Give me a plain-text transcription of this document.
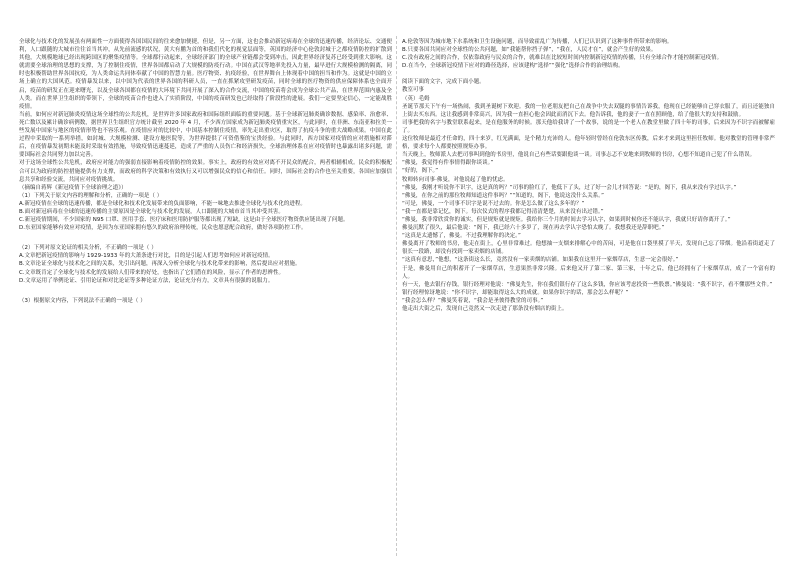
全球化与技术化的发展虽有两面性一方面使得各国国民间的往来愈加便捷，但是，另一方面，这也会推动新冠病毒在全球的迅速传播，经济论坛、交通便利，人口跟随的大城市往往首当其冲，从先前流感的状况，黄大有鹏为首的和我们代化的视觉层面等，英国的经济中心伦敦封城于之都疫情防控的扩散到其他，大规模地球已经出现跨国区的聚集疫情等。全球都行动起来，全球经济部门的全球产业链都会受到冲击，因此世界经济复苏已经受到重大影响。这就需要全球治理的思想的支撑，为了控制住疫情，世界各国都启动了大规模的防疫行动。中国在武汉等地率先投入力量，最早进行大规模检测的隔离，同时也积极帮助世界各国抗疫，为人类命运共同体奉献了中国的智慧力量。医疗物资、抗疫经验，在世界舞台上体现着中国的担当和作为。这就是中国的立场上确立的大国风范。疫情暴发以来，以中国为代表的世界各国的科研人员，一直在抓紧攻坚研发疫苗，同时全球的医疗物资的供应保障体系也全面开启，疫苗的研发正在迎来曙光，以及全球各国都在疫情的大环境下共同开展了深入的合作交流，中国的疫苗将会成为全球公共产品，在世界范围内惠及全人类。而在世界卫生组织的带领下，全球的疫苗合作也进入了实质阶段，中国的疫苗研发也已经取得了阶段性的进展。我们一定要坚定信心，一定能战胜疫情。

当前，如何应对新冠肺炎疫情这场全球性的公共危机，是世界许多国家政府和国际组织面临的重要问题。基于全球新冠肺炎确诊数据、感染率、治愈率、死亡数以及累计确诊病例数，据世界卫生组织官方统计截至 2020 年 4 月，不少西方国家成为新冠肺炎疫情重灾区，与此同时，在非洲、东南亚和拉美一些发展中国家与地区的疫情形势也不容乐观。在疫情应对的比较中，中国基本控制住疫情，率先走出重灾区，取得了抗疫斗争的重大战略成果。中国在此过程中采取的一系列举措，如封城、大规模检测、建设方舱医院等，为世界提供了可资借鉴的宝贵经验。与此同时，西方国家对疫情的应对措施相对滞后，在疫情暴发初期未能及时采取有效措施，导致疫情迅速蔓延，造成了严重的人员伤亡和经济损失。全球治理体系在应对疫情时也暴露出诸多问题，需要国际社会共同努力加以完善。

对于这场全球性公共危机，政府应对能力的强弱直接影响着疫情防控的效果。事实上，政府的有效应对离不开民众的配合，两者相辅相成。民众的积极配合可以为政府的防控措施提供有力支撑，而政府的科学决策和有效执行又可以增强民众的信心和信任。同时，国际社会的合作也至关重要，各国应加强信息共享和经验交流，共同应对疫情挑战。

（摘编自蒋辉《新冠疫情下全球治理之道》）

（1）下列关于原文内容的理解和分析，正确的一项是（ ）

A.新冠疫情在全球的迅速传播，都是全球化和技术化发展带来的负面影响，不能一味地去推进全球化与技术化的进程。

B.面对新冠病毒在全球的迅速传播的主要原因是全球化与技术化的发展，人口跟随的大城市首当其冲受其害。

C.新冠疫情期间，不少国家的 N95 口罩、医用手套、医疗床和医用防护服等都出现了短缺，这是由于全球医疗物资供应链出现了问题。

D.东亚国家能够有效应对疫情，是因为东亚国家拥有悠久的政府治理传统，民众也愿意配合政府，做好各项防控工作。

（2）下列对原文论证的相关分析，不正确的一项是（ ）

A.文章把新冠疫情的影响与 1929-1933 年的大萧条进行对比，目的是引起人们思考如何应对新冠疫情。

B.文章论证全球化与技术化之间的关系，先引出问题，再深入分析全球化与技术化带来的影响，然后提出应对措施。

C.文章既肯定了全球化与技术化的发展给人们带来的好处，也指出了它们潜在的风险，显示了作者的思辨性。

D.文章运用了举例论证、引用论证和对比论证等多种论证方法，论证充分有力，文章具有很强的说服力。

（3）根据原文内容，下列说法不正确的一项是（ ）

A.伦敦等因为城市地下水系统和卫生设施问题，而导致霍乱广为传播，人们已认识到了这种事件所带来的影响。

B.只要各国共同应对全球性的公共问题，如“我能帮你挡子弹”，“我在，人民才在”，就会产生好的效果。

C.没有政府之间的合作，仅依靠政府与民众的合作，就难以在比较短时间内控制新冠疫情的传播，只有全球合作才能控制新冠疫情。

D.在当今，全球新冠疫情下应对的路径选择，应该建构“选择”“强化”选择合作的治理结构。

阅读下面的文字，完成下面小题。

教室可事

（英）毛姆

圣诞节那天下午有一场热闹，我到圣诞树下欢迎。我的一位老朋友把自己在战争中失去双腿的事情告诉我，他现在已经能够自己穿衣服了，而且还能独自上街去买东西。这让我感到非常高兴，因为我一直担心他会因此而消沉下去。他告诉我，他的妻子一直在照顾他，给了他很大的支持和鼓励。

司事把我的名字与教堂联系起来，是在他服务的时候。那天他给我讲了一个故事，说的是一个老人在教堂里做了四十年的司事，后来因为不识字而被解雇了。

这位牧师是最近才任命的，四十来岁，红光满面，是个精力充沛的人。他年轻时曾经在伦敦东区传教，后来才来到这里担任牧师。他对教堂的管理非常严格，要求每个人都要按照规矩办事。

当天晚上，牧师派人去把司事叫到他的书房里，他说自己有些话要跟他谈一谈。司事忐忑不安地来到牧师的书房，心想不知道自己犯了什么错误。

“佛曼，我觉得有件事情得跟你谈谈。”

“好的，阁下。”

牧师转向司事·佛曼，对他说起了他的忧虑。

“佛曼，我刚才听说你不识字，这是真的吗？”司事的脸红了，他低下了头，过了好一会儿才回答说：“是的，阁下，我从来没有学过认字。”

“佛曼，在你之前的那位牧师知道这件事吗？”“知道的，阁下，他说这没什么关系。”

“可是，佛曼，一个司事不识字是说不过去的。你是怎么做了这么多年的？”

“我一直都是靠记忆，阁下。每次仪式的程序我都记得清清楚楚，从来没有出过错。”

“佛曼，我非常欣赏你的诚实，但是规矩就是规矩。我给你三个月的时间去学习认字，如果到时候你还不能认字，我就只好请你离开了。”

佛曼沉默了很久，最后他说：“阁下，我已经六十多岁了，现在再去学认字恐怕太晚了。我想我还是辞职吧。”

“这真是太遗憾了，佛曼。不过我理解你的决定。”

佛曼离开了牧师的书房，他走在街上，心里非常难过。他想抽一支烟来排解心中的苦闷，可是他在口袋里摸了半天，发现自己忘了带烟。他沿着街道走了很长一段路，却没有找到一家卖烟的店铺。

“这真有意思，”他想，“这条街这么长，竟然没有一家卖烟的店铺。如果我在这里开一家烟草店，生意一定会很好。”

于是，佛曼用自己的积蓄开了一家烟草店，生意果然非常兴隆。后来他又开了第二家、第三家，十年之后，他已经拥有了十家烟草店，成了一个富有的人。

有一天，他去银行存钱，银行经理对他说：“佛曼先生，你在我们银行存了这么多钱，你应该考虑投资一些股票。”佛曼说：“我不识字，看不懂那些文件。”

银行经理惊讶地说：“你不识字，却能取得这么大的成就。如果你识字的话，那会怎么样呢？”

“我会怎么样？”佛曼笑着说，“我会是圣彼得教堂的司事。”

他走出大街之后，发现自己竟然又一次走进了那条没有烟店的街上。
